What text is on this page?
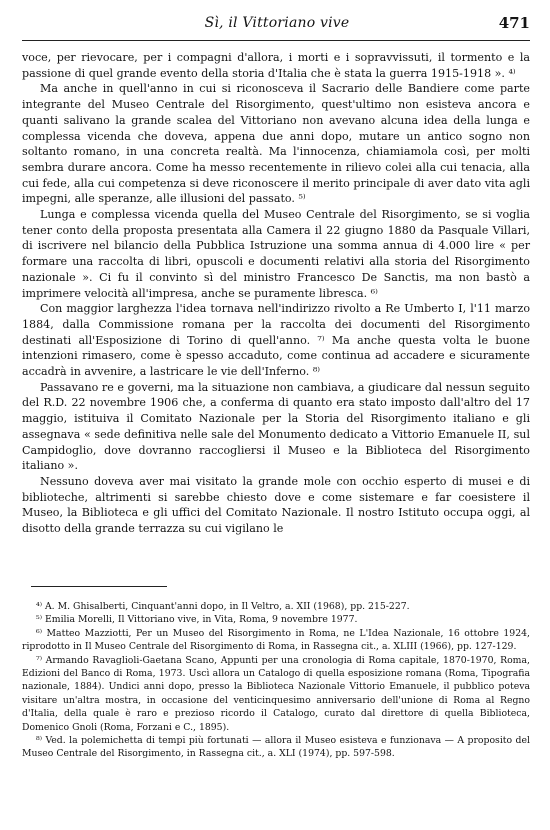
Sì, il Vittoriano vive	471

voce, per rievocare, per i compagni d'allora, i morti e i sopravvissuti, il tormento e la passione di quel grande evento della storia d'Italia che è stata la guerra 1915-1918 ». ⁴⁾

Ma anche in quell'anno in cui si riconosceva il Sacrario delle Bandiere come parte integrante del Museo Centrale del Risorgimento, quest'ultimo non esisteva ancora e quanti salivano la grande scalea del Vittoriano non avevano alcuna idea della lunga e complessa vicenda che doveva, appena due anni dopo, mutare un antico sogno non soltanto romano, in una concreta realtà. Ma l'innocenza, chiamiamola così, per molti sembra durare ancora. Come ha messo recentemente in rilievo colei alla cui tenacia, alla cui fede, alla cui competenza si deve riconoscere il merito principale di aver dato vita agli impegni, alle speranze, alle illusioni del passato. ⁵⁾

Lunga e complessa vicenda quella del Museo Centrale del Risorgimento, se si voglia tener conto della proposta presentata alla Camera il 22 giugno 1880 da Pasquale Villari, di iscrivere nel bilancio della Pubblica Istruzione una somma annua di 4.000 lire « per formare una raccolta di libri, opuscoli e documenti relativi alla storia del Risorgimento nazionale ». Ci fu il convinto sì del ministro Francesco De Sanctis, ma non bastò a imprimere velocità all'impresa, anche se puramente libresca. ⁶⁾

Con maggior larghezza l'idea tornava nell'indirizzo rivolto a Re Umberto I, l'11 marzo 1884, dalla Commissione romana per la raccolta dei documenti del Risorgimento destinati all'Esposizione di Torino di quell'anno. ⁷⁾ Ma anche questa volta le buone intenzioni rimasero, come è spesso accaduto, come continua ad accadere e sicuramente accadrà in avvenire, a lastricare le vie dell'Inferno. ⁸⁾

Passavano re e governi, ma la situazione non cambiava, a giudicare dal nessun seguito del R.D. 22 novembre 1906 che, a conferma di quanto era stato imposto dall'altro del 17 maggio, istituiva il Comitato Nazionale per la Storia del Risorgimento italiano e gli assegnava « sede definitiva nelle sale del Monumento dedicato a Vittorio Emanuele II, sul Campidoglio, dove dovranno raccogliersi il Museo e la Biblioteca del Risorgimento italiano ».

Nessuno doveva aver mai visitato la grande mole con occhio esperto di musei e di biblioteche, altrimenti si sarebbe chiesto dove e come sistemare e far coesistere il Museo, la Biblioteca e gli uffici del Comitato Nazionale. Il nostro Istituto occupa oggi, al disotto della grande terrazza su cui vigilano le

⁴⁾ A. M. Ghisalberti, Cinquant'anni dopo, in Il Veltro, a. XII (1968), pp. 215-227.

⁵⁾ Emilia Morelli, Il Vittoriano vive, in Vita, Roma, 9 novembre 1977.

⁶⁾ Matteo Mazziotti, Per un Museo del Risorgimento in Roma, ne L'Idea Nazionale, 16 ottobre 1924, riprodotto in Il Museo Centrale del Risorgimento di Roma, in Rassegna cit., a. XLIII (1966), pp. 127-129.

⁷⁾ Armando Ravaglioli-Gaetana Scano, Appunti per una cronologia di Roma capitale, 1870-1970, Roma, Edizioni del Banco di Roma, 1973. Uscì allora un Catalogo di quella esposizione romana (Roma, Tipografia nazionale, 1884). Undici anni dopo, presso la Biblioteca Nazionale Vittorio Emanuele, il pubblico poteva visitare un'altra mostra, in occasione del venticinquesimo anniversario dell'unione di Roma al Regno d'Italia, della quale è raro e prezioso ricordo il Catalogo, curato dal direttore di quella Biblioteca, Domenico Gnoli (Roma, Forzani e C., 1895).

⁸⁾ Ved. la polemichetta di tempi più fortunati — allora il Museo esisteva e funzionava — A proposito del Museo Centrale del Risorgimento, in Rassegna cit., a. XLI (1974), pp. 597-598.
